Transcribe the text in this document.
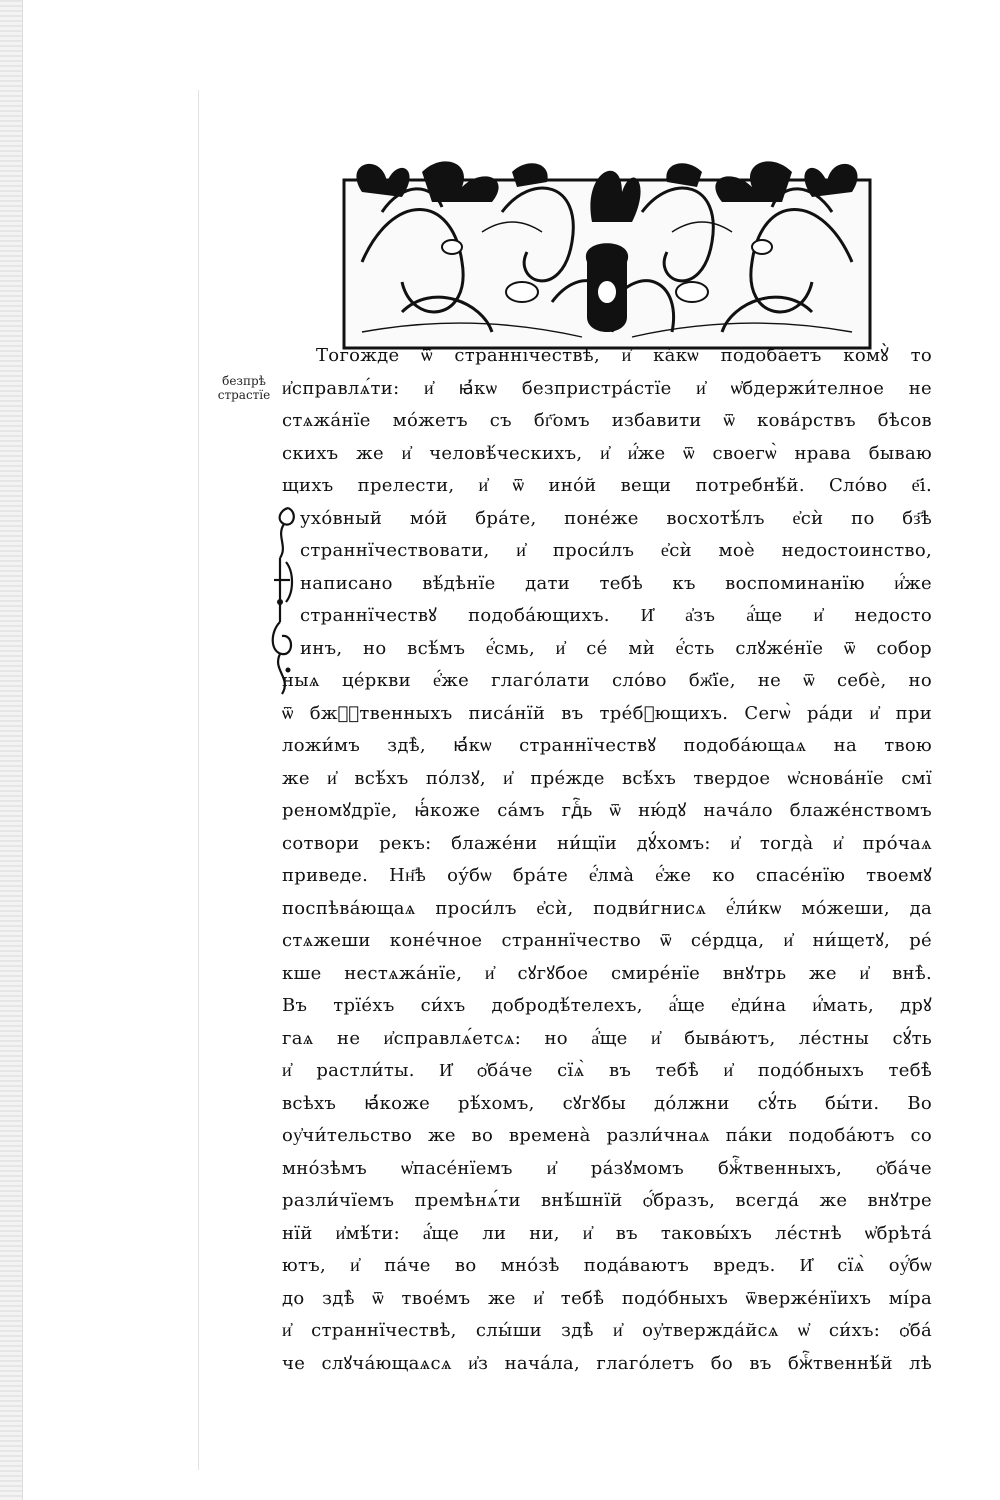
безпрѣ
страстїе
Тогожде ѿ страннїчествѣ, и҆ ка́кѡ подоба́етъ комꙋ̀ то
и҆справлѧ́ти: и҆ ꙗ҆́кѡ безпристра́стїе и҆ ѡ҆бдержи́телное не
стѧжа́нїе мо́жетъ съ бг҃омъ избавити ѿ ковáрствъ бѣсов
скихъ же и҆ человѣ́ческихъ, и҆ и҆́же ѿ своегѡ̀ нрава бываю
щихъ прелести, и҆ ѿ ино́й вещи потребнѣ́й. Сло́во е҃і.
ухо́вный мо́й бра́те, поне́же восхотѣ́лъ е҆сѝ по бз҃ѣ
страннїчествовати, и҆ проси́лъ е҆сѝ моѐ недостоинство,
написано вѣ́дѣнїе дати тебѣ къ воспоминанїю и҆́же
страннїчествꙋ подоба́ющихъ. И҆ а҆зъ а҆́ще и҆ недосто
инъ, но всѣ́мъ е҆́смь, и҆ се́ мѝ е҆́сть слꙋже́нїе ѿ собор
ныѧ цéркви е҆́же глаго́лати сло́во бж҃їе, не ѿ себѐ, но
ѿ бжⷭ҇твенныхъ писа́нїй въ тре́бꙋющихъ. Сегѡ̀ ра́ди и҆ при
ложи́мъ здѣ̀, ꙗ҆́кѡ страннїчествꙋ подоба́ющаѧ на твою
же и҆ всѣ́хъ по́лзꙋ, и҆ пре́жде всѣ́хъ твердое ѡ҆снова́нїе смї
реномꙋдрїе, ꙗ҆́коже са́мъ гдⷭ҇ь ѿ ню́дꙋ нача́ло блаже́нствомъ
сотвори рекъ: блаже́ни ни́щїи дꙋ́хомъ: и҆ тогда̀ и҆ про́чаѧ
приведе. Нн҃ѣ оу́бѡ бра́те е҆́лма̀ е҆́же ко спасе́нїю твоемꙋ
поспѣва́ющаѧ проси́лъ е҆сѝ, подви́гнисѧ е҆́ли́кѡ мо́жеши, да
стѧжеши коне́чное страннїчество ѿ се́рдца, и҆ ни́щетꙋ, ре́
кше нестѧжа́нїе, и҆ сꙋгꙋбое смире́нїе внꙋтрь же и҆ внѣ̀.
Въ трїе́хъ си́хъ добродѣ́телехъ, а҆́ще е҆ди́на и҆́мать, дрꙋ
гаѧ не и҆справлѧ́етсѧ: но а҆́ще и҆ быва́ютъ, ле́стны сꙋ́ть
и҆ растли́ты. И҆ ѻ҆ба́че сїѧ̀ въ тебѣ̀ и҆ подо́бныхъ тебѣ̀
всѣхъ ꙗ҆́коже рѣ́хомъ, сꙋгꙋбы до́лжни сꙋ́ть бы́ти. Во
оу҆чи́тельство же во времена̀ разли́чнаѧ па́ки подоба́ютъ со
мно́зѣмъ ѡ҆пасе́нїемъ и҆ ра́зꙋмомъ бжⷭ҇твенныхъ, ѻ҆ба́че
разли́чїемъ премѣнѧ́ти внѣ́шнїй ѻ҆́бразъ, всегда́ же внꙋтре
нїй и҆мѣ́ти: а҆́ще ли ни, и҆ въ таковы́хъ ле́стнѣ ѡ҆брѣта́
ютъ, и҆ па́че во мно́зѣ пода́ваютъ вредъ. И҆ сїѧ̀ оу҆́бѡ
до здѣ̀ ѿ твое́мъ же и҆ тебѣ̀ подо́бныхъ ѿверже́нїихъ мі́ра
и҆ страннїчествѣ, слы́ши здѣ̀ и҆ оу҆тверждáйсѧ ѡ҆ си́хъ: ѻ҆ба́
че слꙋча́ющаѧсѧ и҆з нача́ла, глаго́летъ бо въ бжⷭ҇твеннѣ́й лѣ
